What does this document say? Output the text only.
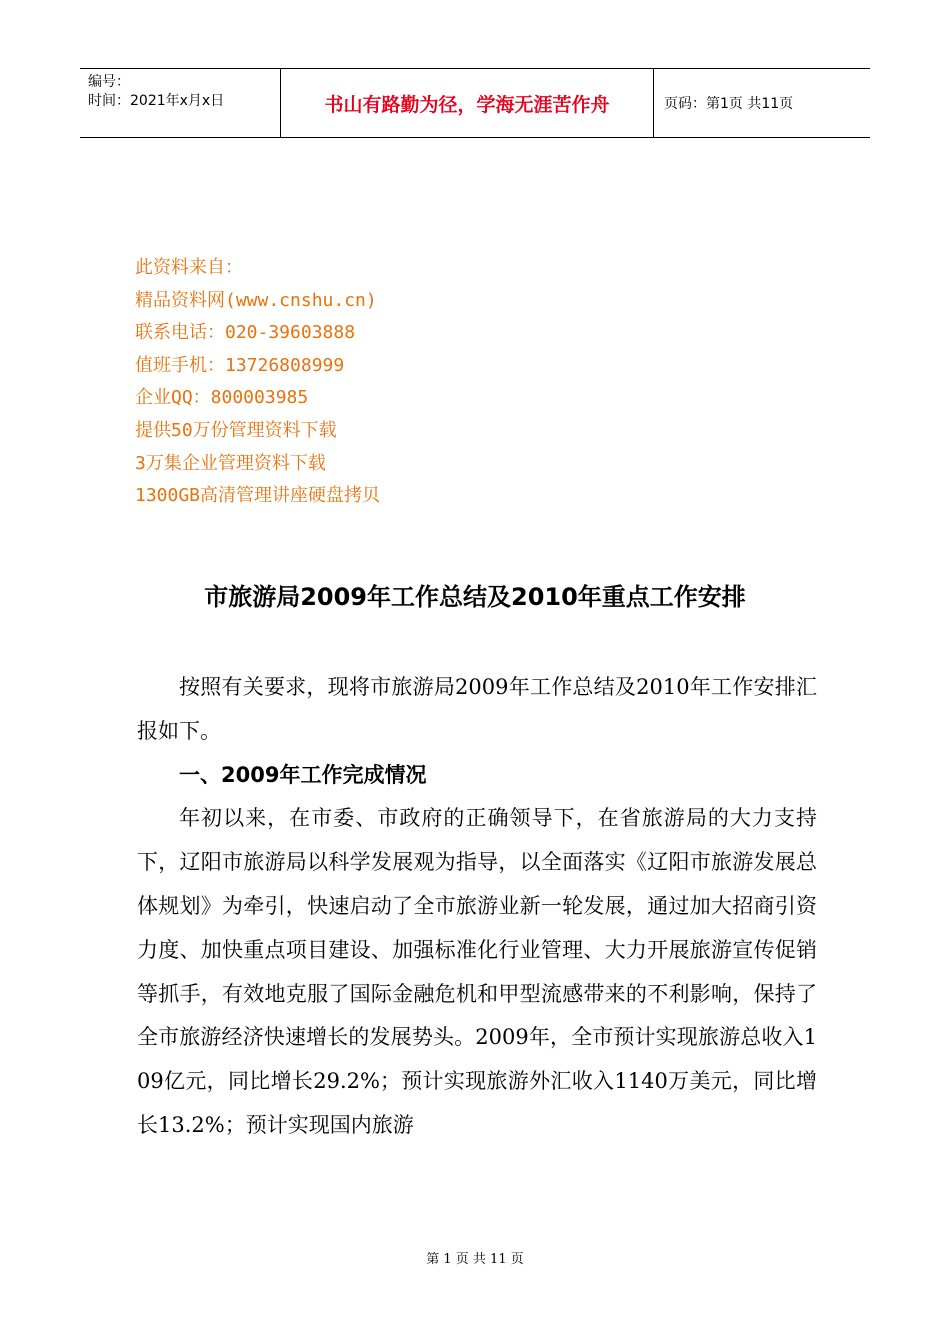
编号：
时间：2021年x月x日	书山有路勤为径，学海无涯苦作舟	页码：第1页 共11页
此资料来自：
精品资料网(www.cnshu.cn)
联系电话：020-39603888
值班手机：13726808999
企业QQ：800003985
提供50万份管理资料下载
3万集企业管理资料下载
1300GB高清管理讲座硬盘拷贝
市旅游局2009年工作总结及2010年重点工作安排

按照有关要求，现将市旅游局2009年工作总结及2010年工作安排汇报如下。

一、2009年工作完成情况

年初以来，在市委、市政府的正确领导下，在省旅游局的大力支持下，辽阳市旅游局以科学发展观为指导，以全面落实《辽阳市旅游发展总体规划》为牵引，快速启动了全市旅游业新一轮发展，通过加大招商引资力度、加快重点项目建设、加强标准化行业管理、大力开展旅游宣传促销等抓手，有效地克服了国际金融危机和甲型流感带来的不利影响，保持了全市旅游经济快速增长的发展势头。2009年，全市预计实现旅游总收入109亿元，同比增长29.2%；预计实现旅游外汇收入1140万美元，同比增长13.2%；预计实现国内旅游

第 1 页 共 11 页
